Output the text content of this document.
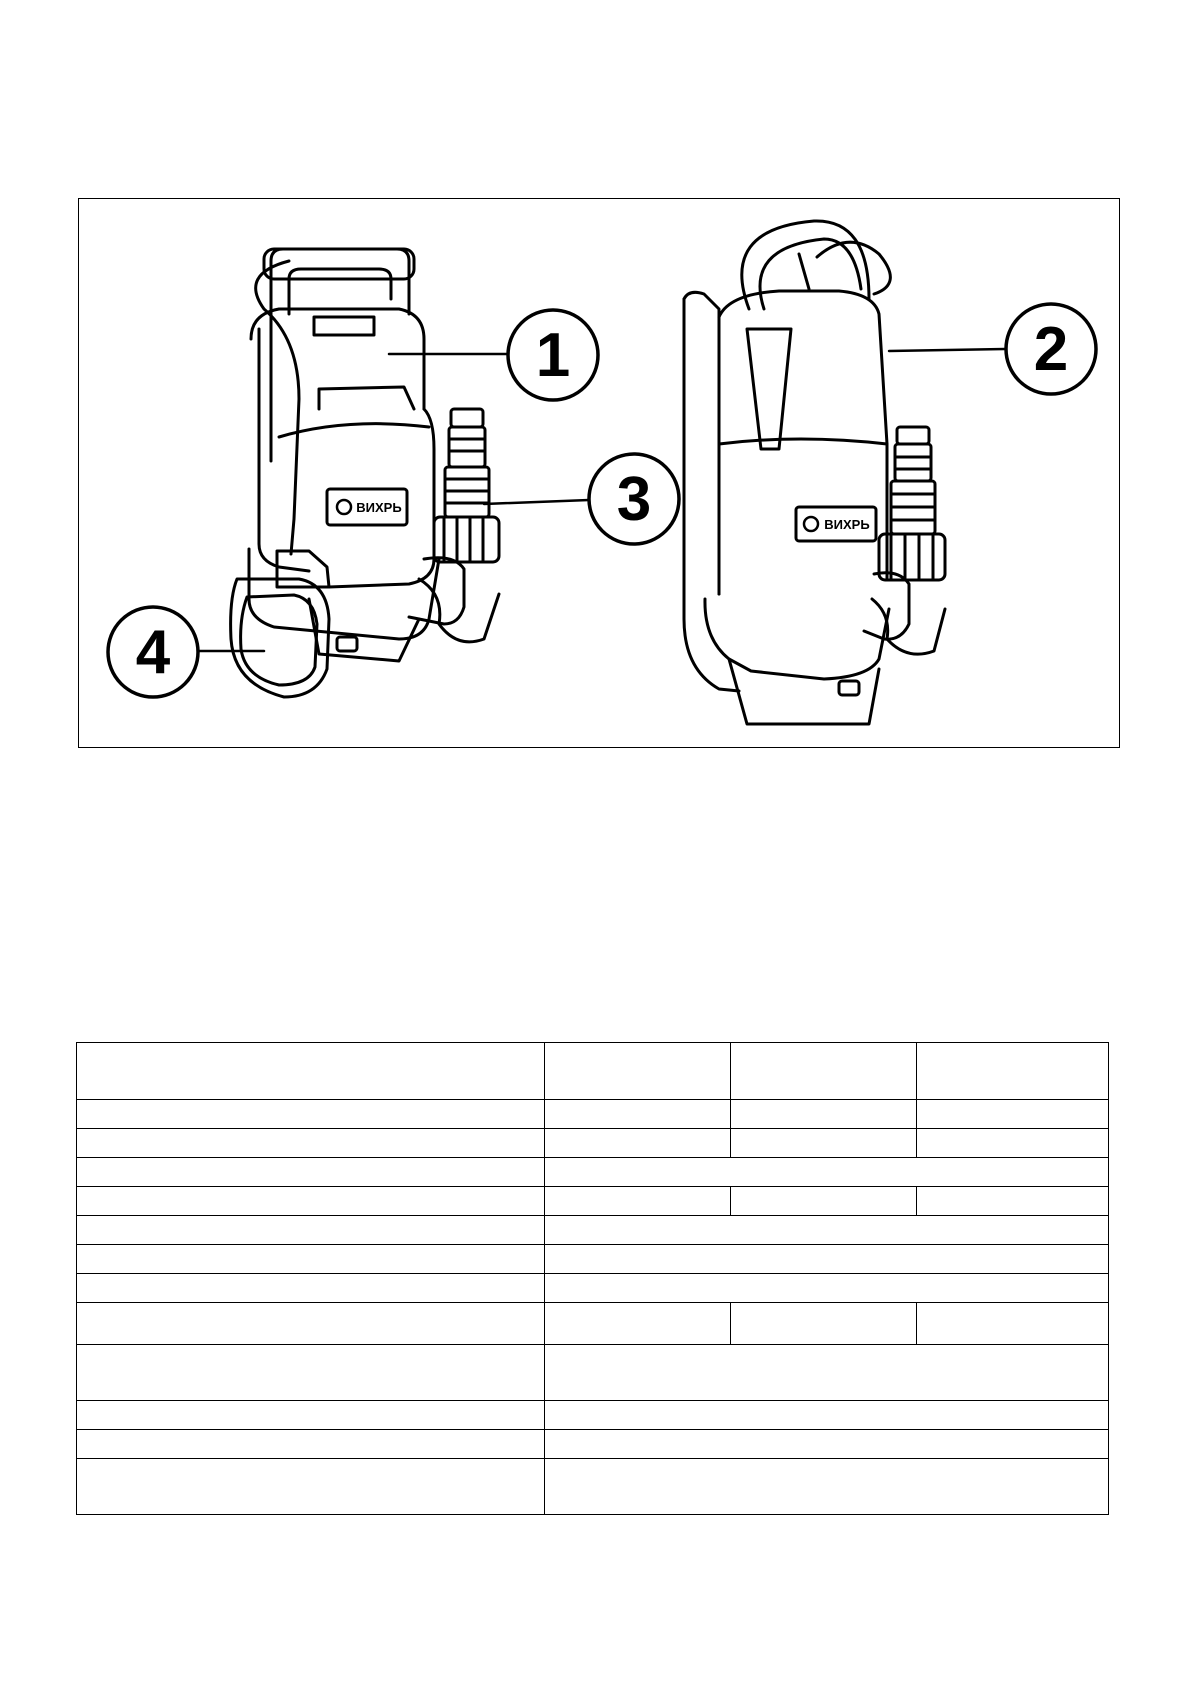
ВИХРЬ
ВИХРЬ
1	2
3
4
